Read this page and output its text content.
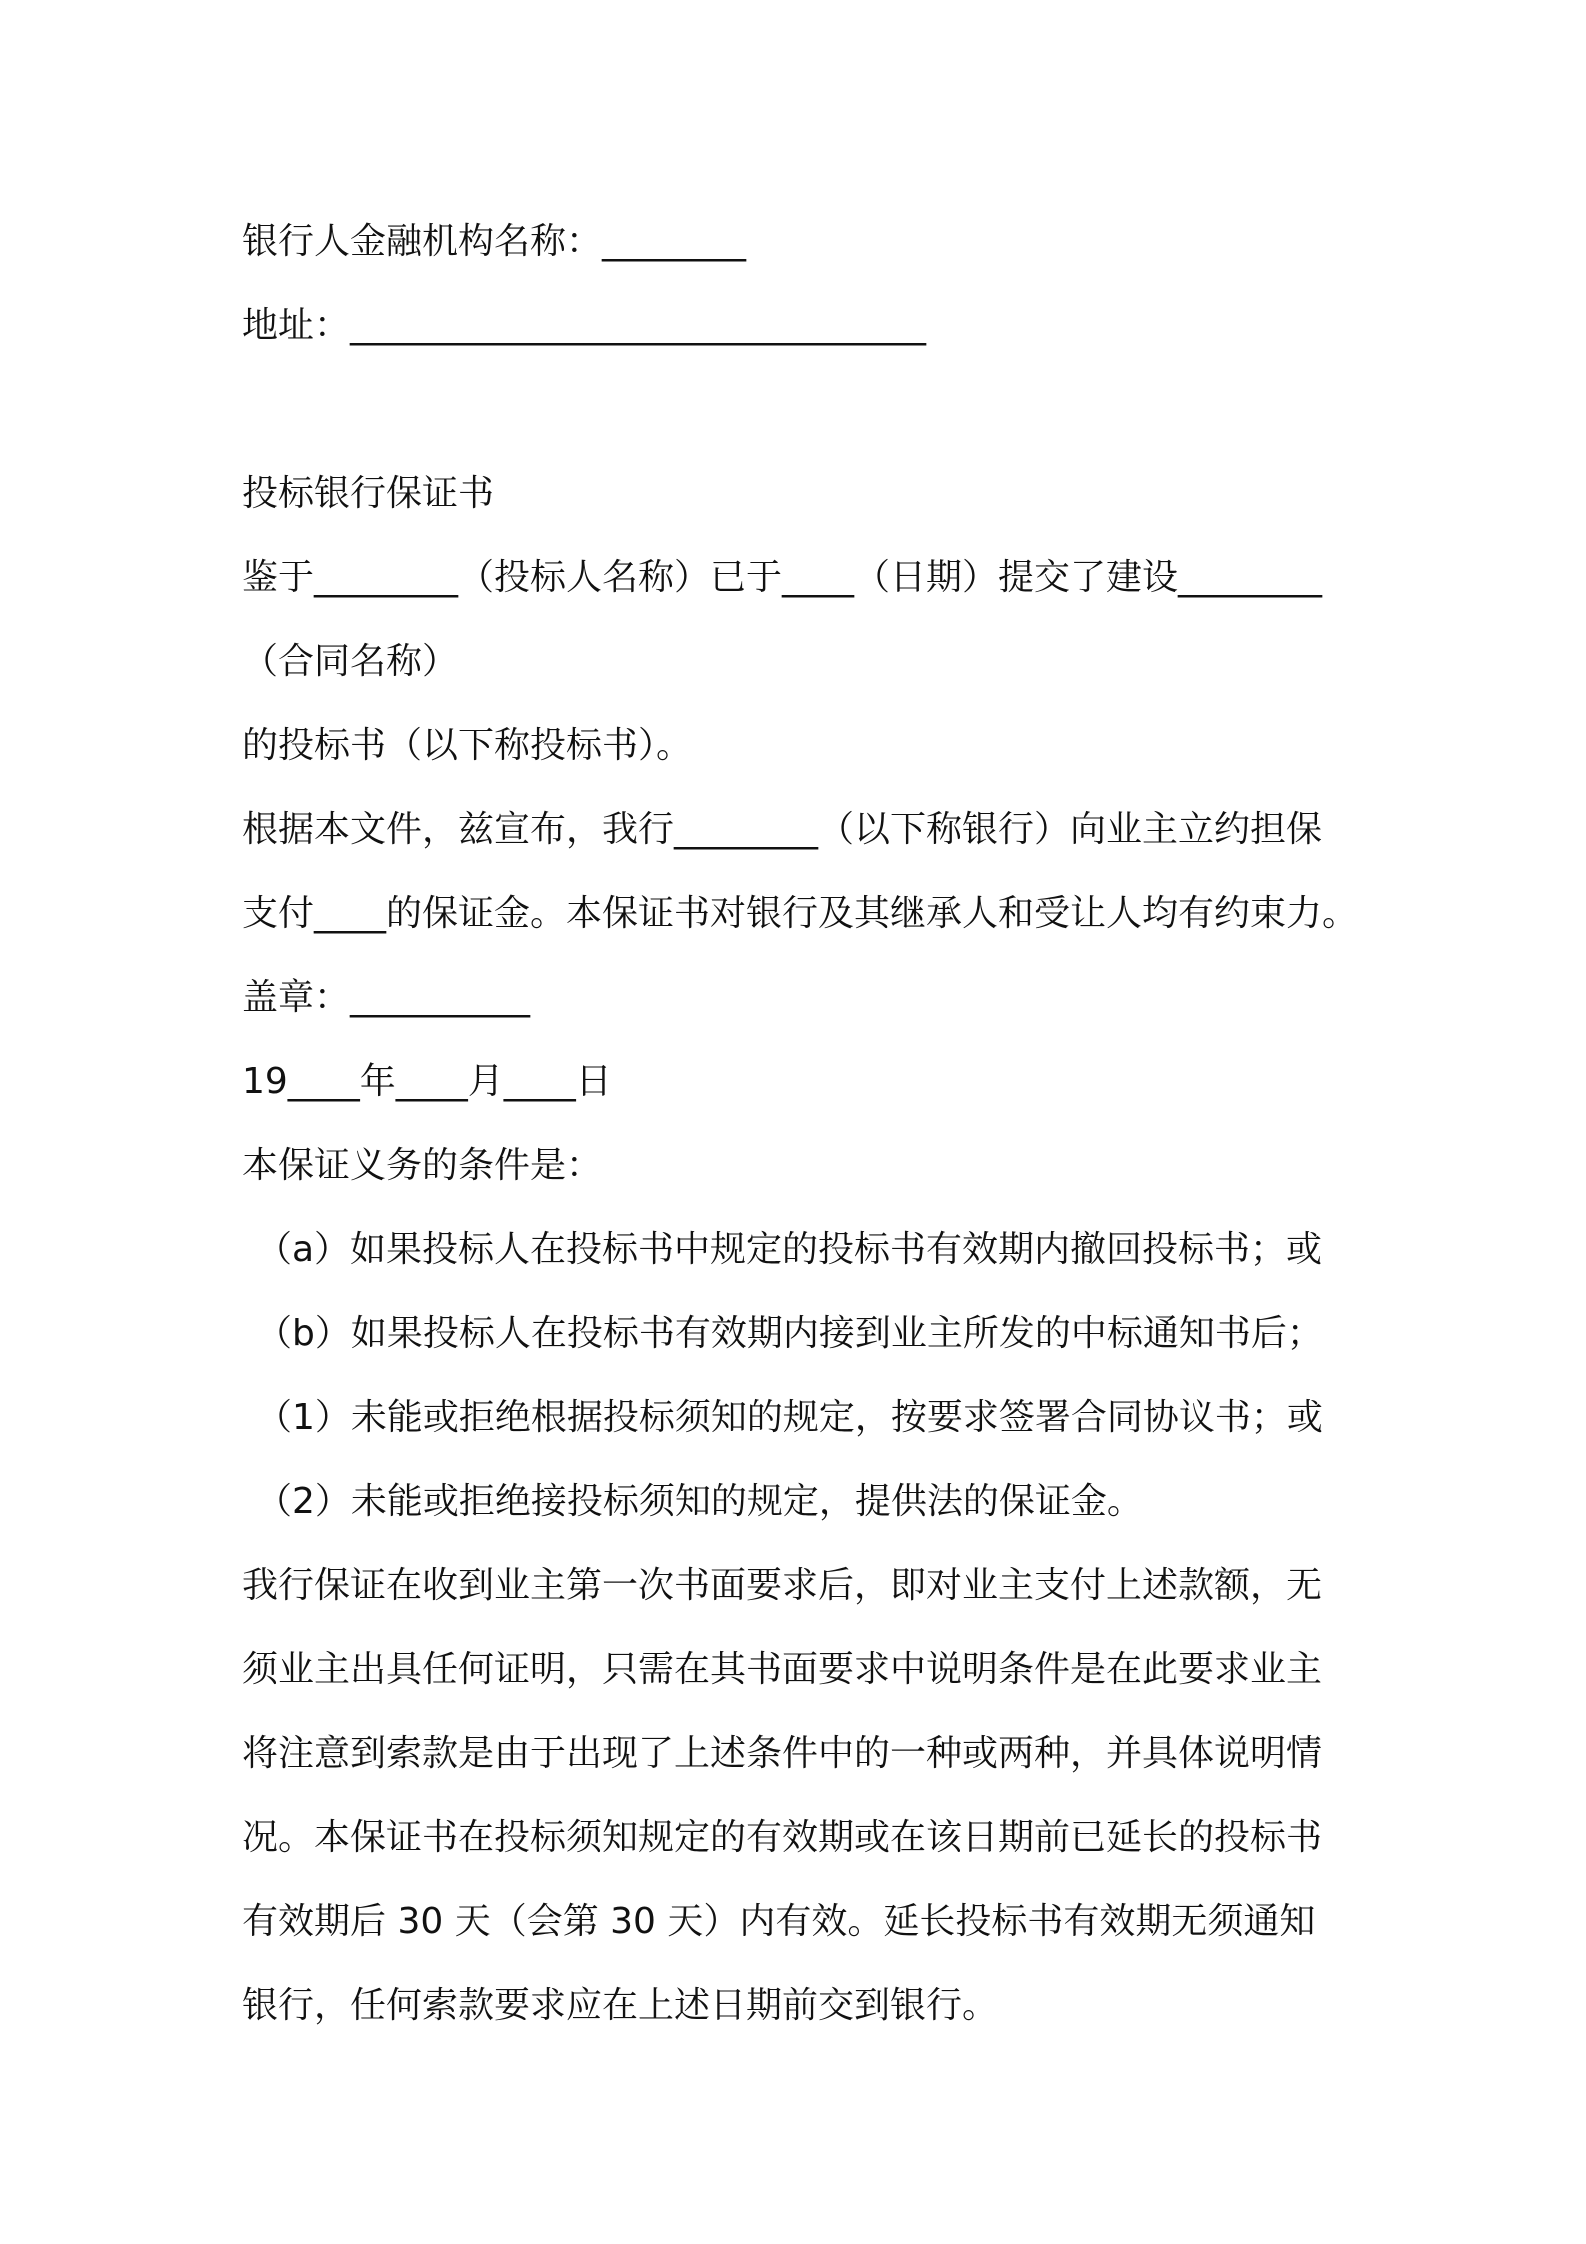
银行人金融机构名称：________
地址：________________________________
投标银行保证书
鉴于________（投标人名称）已于____（日期）提交了建设________
（合同名称）
的投标书（以下称投标书）。
根据本文件，兹宣布，我行________（以下称银行）向业主立约担保
支付____的保证金。本保证书对银行及其继承人和受让人均有约束力。
盖章：__________
19____年____月____日
本保证义务的条件是：
（a）如果投标人在投标书中规定的投标书有效期内撤回投标书；或
（b）如果投标人在投标书有效期内接到业主所发的中标通知书后；
（1）未能或拒绝根据投标须知的规定，按要求签署合同协议书；或
（2）未能或拒绝接投标须知的规定，提供法的保证金。
我行保证在收到业主第一次书面要求后，即对业主支付上述款额，无
须业主出具任何证明，只需在其书面要求中说明条件是在此要求业主
将注意到索款是由于出现了上述条件中的一种或两种，并具体说明情
况。本保证书在投标须知规定的有效期或在该日期前已延长的投标书
有效期后 30 天（会第 30 天）内有效。延长投标书有效期无须通知
银行，任何索款要求应在上述日期前交到银行。
